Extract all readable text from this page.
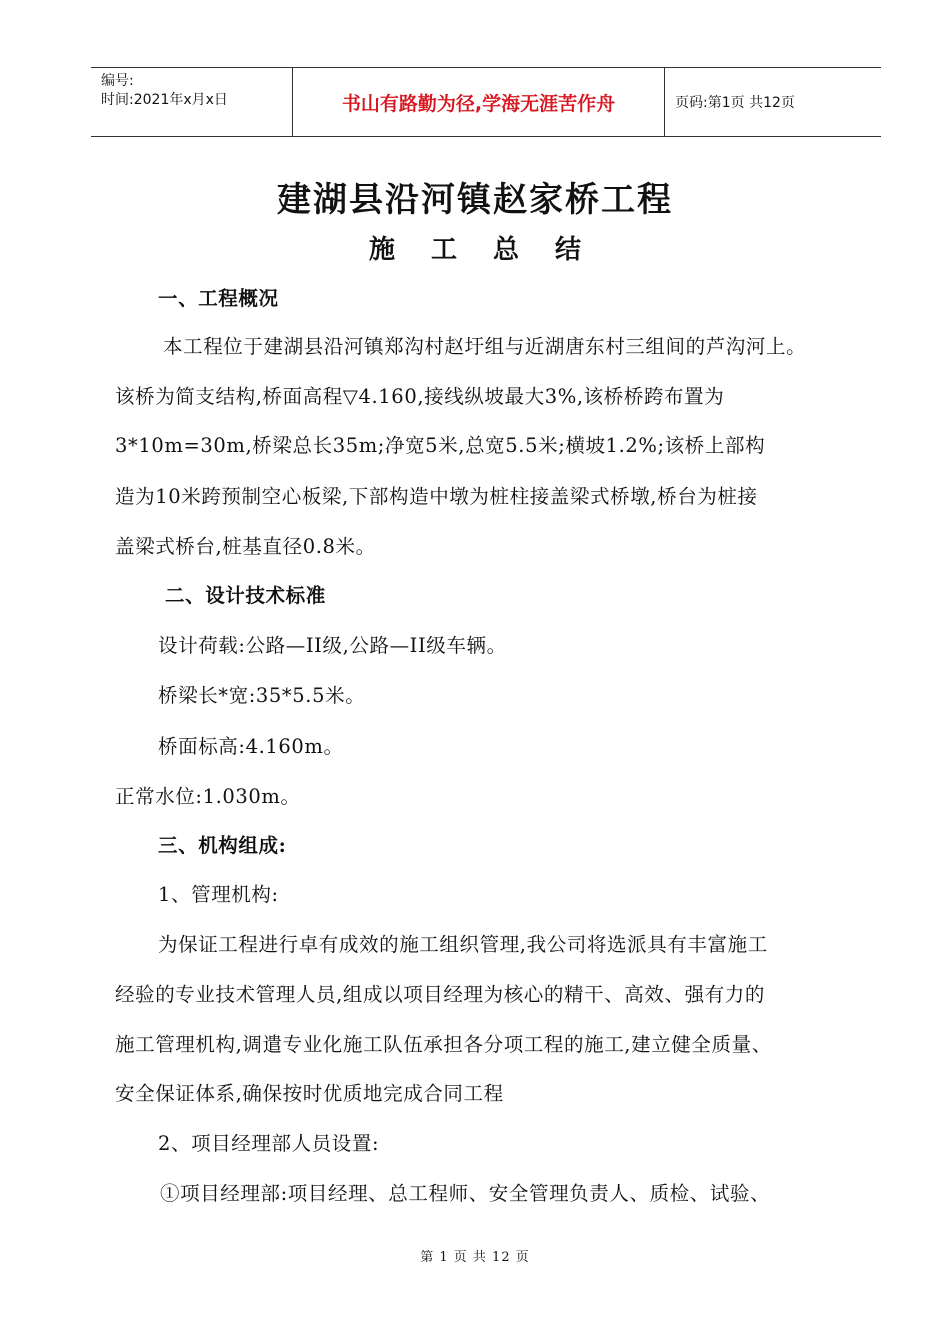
编号:
时间:2021年x月x日	书山有路勤为径,学海无涯苦作舟	页码:第1页 共12页
建湖县沿河镇赵家桥工程
施工总结
一、工程概况
本工程位于建湖县沿河镇郑沟村赵圩组与近湖唐东村三组间的芦沟河上。
该桥为简支结构,桥面高程▽4.160,接线纵坡最大3%,该桥桥跨布置为
3*10m=30m,桥梁总长35m;净宽5米,总宽5.5米;横坡1.2%;该桥上部构
造为10米跨预制空心板梁,下部构造中墩为桩柱接盖梁式桥墩,桥台为桩接
盖梁式桥台,桩基直径0.8米。
二、设计技术标准
设计荷载:公路—II级,公路—II级车辆。
桥梁长*宽:35*5.5米。
桥面标高:4.160m。
正常水位:1.030m。
三、机构组成:
1、管理机构:
为保证工程进行卓有成效的施工组织管理,我公司将选派具有丰富施工
经验的专业技术管理人员,组成以项目经理为核心的精干、高效、强有力的
施工管理机构,调遣专业化施工队伍承担各分项工程的施工,建立健全质量、
安全保证体系,确保按时优质地完成合同工程
2、项目经理部人员设置:
①项目经理部:项目经理、总工程师、安全管理负责人、质检、试验、
第 1 页 共 12 页
